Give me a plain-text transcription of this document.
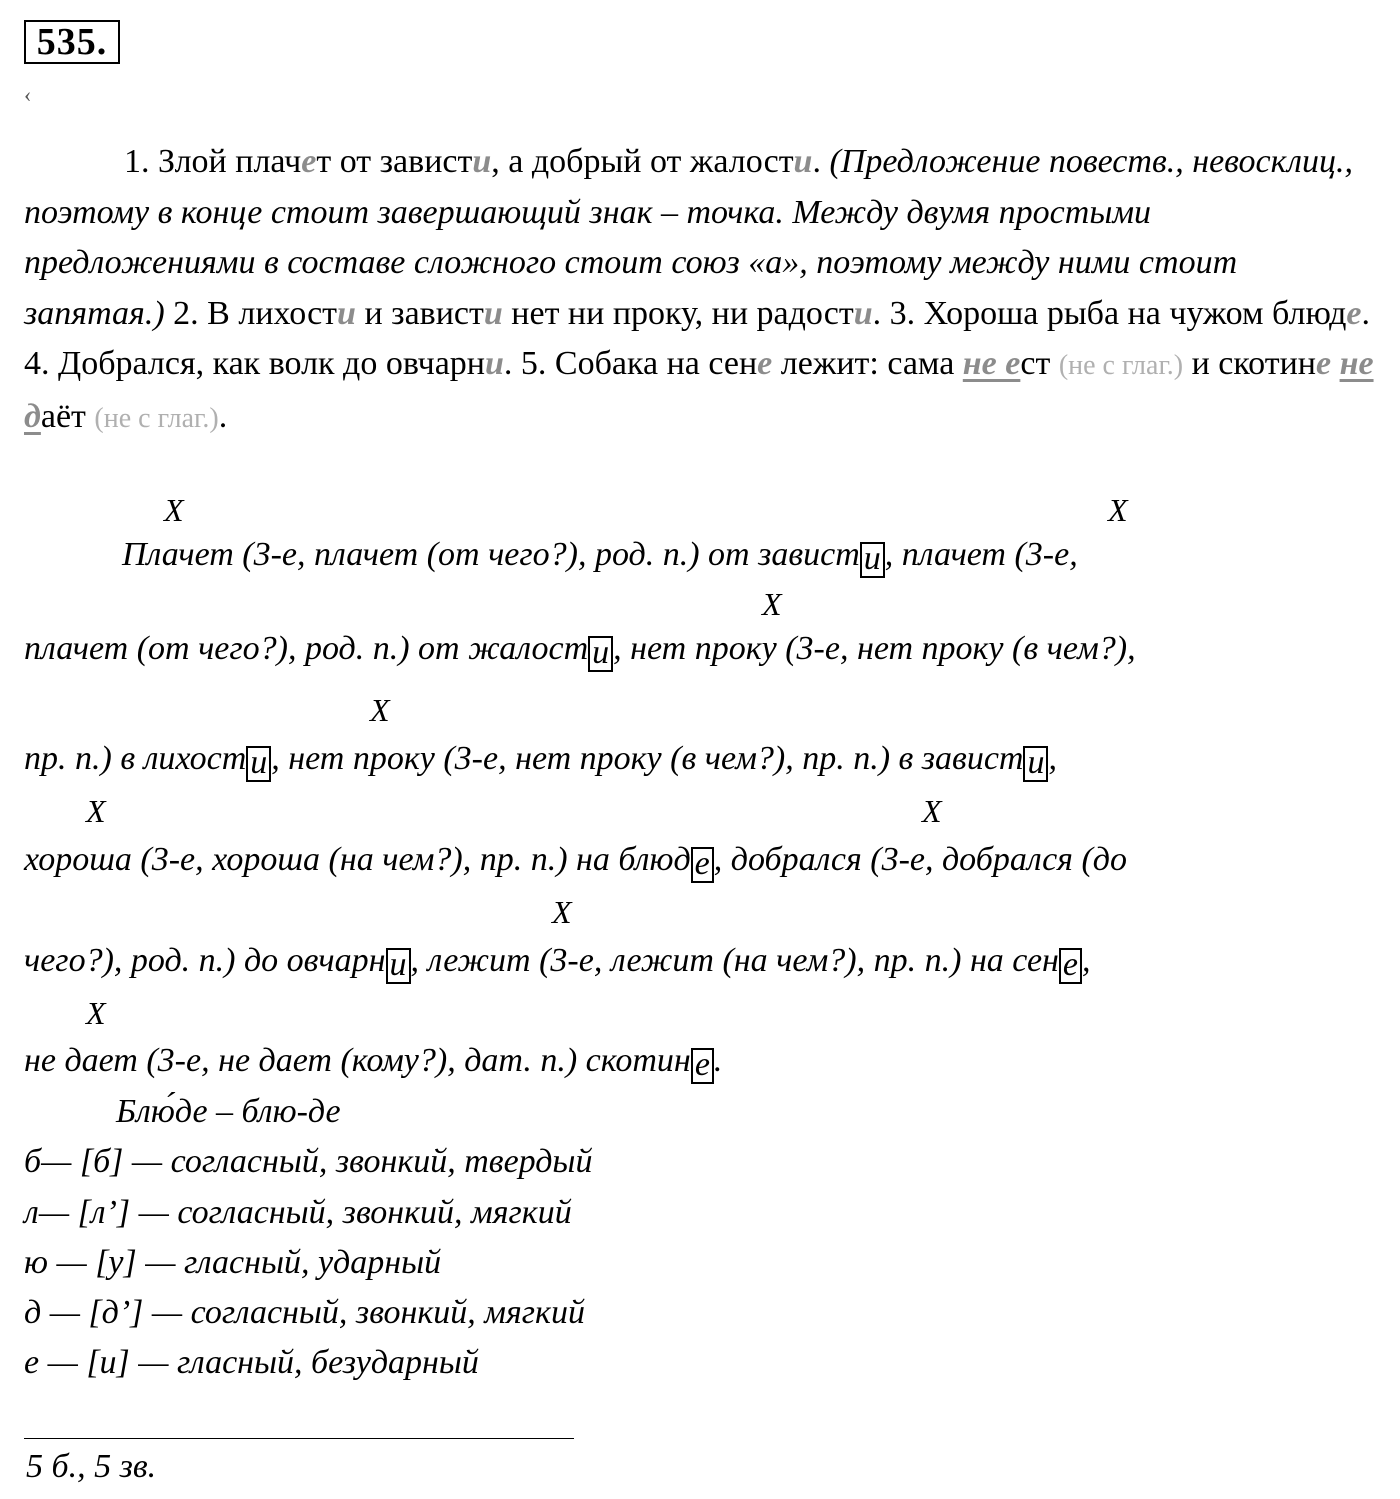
535.
‹
1. Злой плачет от зависти, а добрый от жалости. (Предложение повеств., невосклиц., поэтому в конце стоит завершающий знак – точка. Между двумя простыми предложениями в составе сложного стоит союз «а», поэтому между ними стоит запятая.) 2. В лихости и зависти нет ни проку, ни радости. 3. Хороша рыба на чужом блюде. 4. Добрался, как волк до овчарни. 5. Собака на сене лежит: сама не ест (не с глаг.) и скотине не даёт (не с глаг.).
X	X
X
X
X	X
X
X
Плачет (3-е, плачет (от чего?), род. п.) от завист и , плачет (3-е,
плачет (от чего?), род. п.) от жалост и , нет проку (3-е, нет проку (в чем?),
пр. п.) в лихост и , нет проку (3-е, нет проку (в чем?), пр. п.) в завист и ,
хороша (3-е, хороша (на чем?), пр. п.) на блюд е , добрался (3-е, добрался (до
чего?), род. п.) до овчарн и , лежит (3-е, лежит (на чем?), пр. п.) на сен е ,
не дает (3-е, не дает (кому?), дат. п.) скотин е .
Блю́де – блю-де
б— [б] — согласный, звонкий, твердый
л— [л’] — согласный, звонкий, мягкий
ю — [у] — гласный, ударный
д — [д’] — согласный, звонкий, мягкий
е — [и] — гласный, безударный
5 б., 5 зв.
